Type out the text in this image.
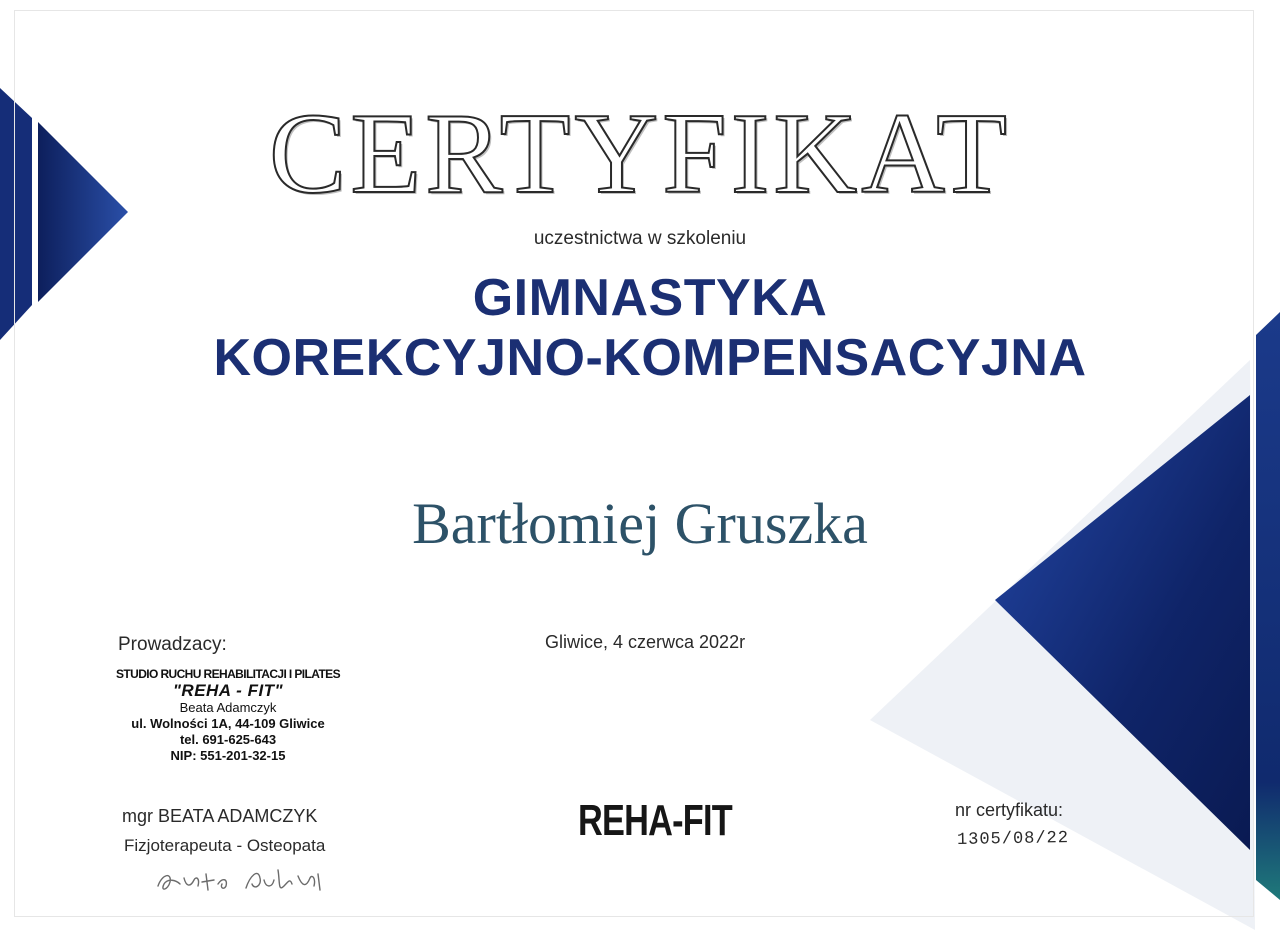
CERTYFIKAT
uczestnictwa w szkoleniu
GIMNASTYKA
KOREKCYJNO-KOMPENSACYJNA
Bartłomiej Gruszka
Gliwice, 4 czerwca 2022r
Prowadzacy:
STUDIO RUCHU REHABILITACJI I PILATES
"REHA - FIT"
Beata Adamczyk
ul. Wolności 1A, 44-109 Gliwice
tel. 691-625-643
NIP: 551-201-32-15
mgr BEATA ADAMCZYK
Fizjoterapeuta - Osteopata
REHA-FIT	nr certyfikatu:
1305/08/22
